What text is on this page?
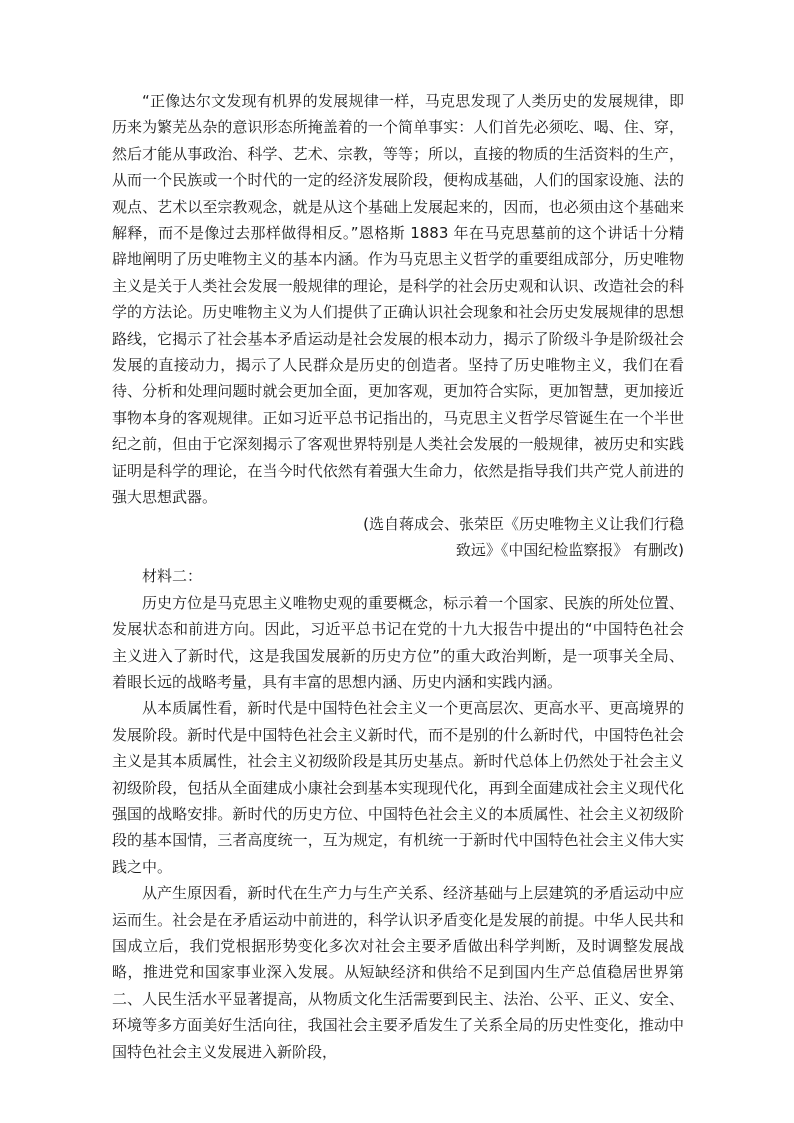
“正像达尔文发现有机界的发展规律一样，马克思发现了人类历史的发展规律，即历来为繁芜丛杂的意识形态所掩盖着的一个简单事实：人们首先必须吃、喝、住、穿，然后才能从事政治、科学、艺术、宗教，等等；所以，直接的物质的生活资料的生产，从而一个民族或一个时代的一定的经济发展阶段，便构成基础，人们的国家设施、法的观点、艺术以至宗教观念，就是从这个基础上发展起来的，因而，也必须由这个基础来解释，而不是像过去那样做得相反。”恩格斯 1883 年在马克思墓前的这个讲话十分精辟地阐明了历史唯物主义的基本内涵。作为马克思主义哲学的重要组成部分，历史唯物主义是关于人类社会发展一般规律的理论，是科学的社会历史观和认识、改造社会的科学的方法论。历史唯物主义为人们提供了正确认识社会现象和社会历史发展规律的思想路线，它揭示了社会基本矛盾运动是社会发展的根本动力，揭示了阶级斗争是阶级社会发展的直接动力，揭示了人民群众是历史的创造者。坚持了历史唯物主义，我们在看待、分析和处理问题时就会更加全面，更加客观，更加符合实际，更加智慧，更加接近事物本身的客观规律。正如习近平总书记指出的，马克思主义哲学尽管诞生在一个半世纪之前，但由于它深刻揭示了客观世界特别是人类社会发展的一般规律，被历史和实践证明是科学的理论，在当今时代依然有着强大生命力，依然是指导我们共产党人前进的强大思想武器。

(选自蒋成会、张荣臣《历史唯物主义让我们行稳

致远》《中国纪检监察报》 有删改)

材料二：

历史方位是马克思主义唯物史观的重要概念，标示着一个国家、民族的所处位置、发展状态和前进方向。因此，习近平总书记在党的十九大报告中提出的“中国特色社会主义进入了新时代，这是我国发展新的历史方位”的重大政治判断，是一项事关全局、着眼长远的战略考量，具有丰富的思想内涵、历史内涵和实践内涵。

从本质属性看，新时代是中国特色社会主义一个更高层次、更高水平、更高境界的发展阶段。新时代是中国特色社会主义新时代，而不是别的什么新时代，中国特色社会主义是其本质属性，社会主义初级阶段是其历史基点。新时代总体上仍然处于社会主义初级阶段，包括从全面建成小康社会到基本实现现代化，再到全面建成社会主义现代化强国的战略安排。新时代的历史方位、中国特色社会主义的本质属性、社会主义初级阶段的基本国情，三者高度统一，互为规定，有机统一于新时代中国特色社会主义伟大实践之中。

从产生原因看，新时代在生产力与生产关系、经济基础与上层建筑的矛盾运动中应运而生。社会是在矛盾运动中前进的，科学认识矛盾变化是发展的前提。中华人民共和国成立后，我们党根据形势变化多次对社会主要矛盾做出科学判断，及时调整发展战略，推进党和国家事业深入发展。从短缺经济和供给不足到国内生产总值稳居世界第二、人民生活水平显著提高，从物质文化生活需要到民主、法治、公平、正义、安全、环境等多方面美好生活向往，我国社会主要矛盾发生了关系全局的历史性变化，推动中国特色社会主义发展进入新阶段，
